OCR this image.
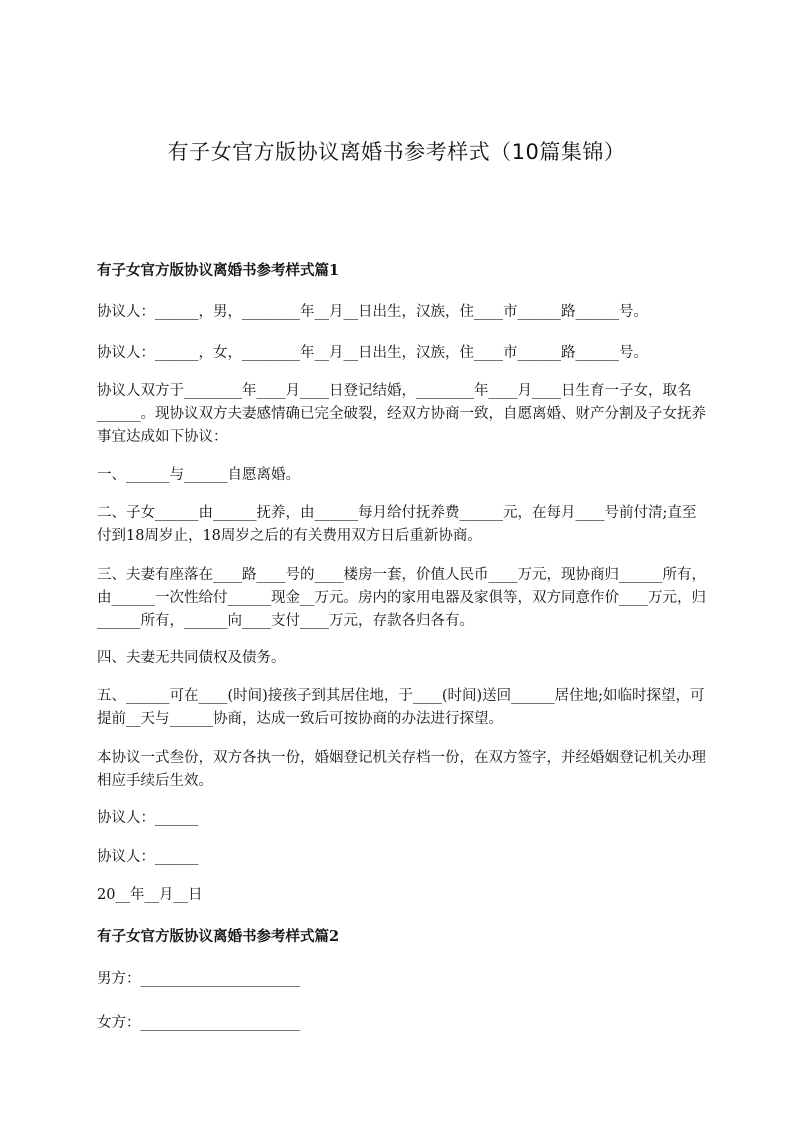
有子女官方版协议离婚书参考样式（10篇集锦）

有子女官方版协议离婚书参考样式篇1

协议人：______，男，________年__月__日出生，汉族，住____市______路______号。

协议人：______，女，________年__月__日出生，汉族，住____市______路______号。

协议人双方于________年____月____日登记结婚，________年____月____日生育一子女，取名______。现协议双方夫妻感情确已完全破裂，经双方协商一致，自愿离婚、财产分割及子女抚养事宜达成如下协议：

一、______与______自愿离婚。

二、子女______由______抚养，由______每月给付抚养费______元，在每月____号前付清;直至付到18周岁止，18周岁之后的有关费用双方日后重新协商。

三、夫妻有座落在____路____号的____楼房一套，价值人民币____万元，现协商归______所有，由______一次性给付______现金__万元。房内的家用电器及家俱等，双方同意作价____万元，归______所有，______向____支付____万元，存款各归各有。

四、夫妻无共同债权及债务。

五、______可在____(时间)接孩子到其居住地，于____(时间)送回______居住地;如临时探望，可提前__天与______协商，达成一致后可按协商的办法进行探望。

本协议一式叁份，双方各执一份，婚姻登记机关存档一份，在双方签字，并经婚姻登记机关办理相应手续后生效。

协议人：______

协议人：______

20__年__月__日

有子女官方版协议离婚书参考样式篇2

男方：______________________

女方：______________________
